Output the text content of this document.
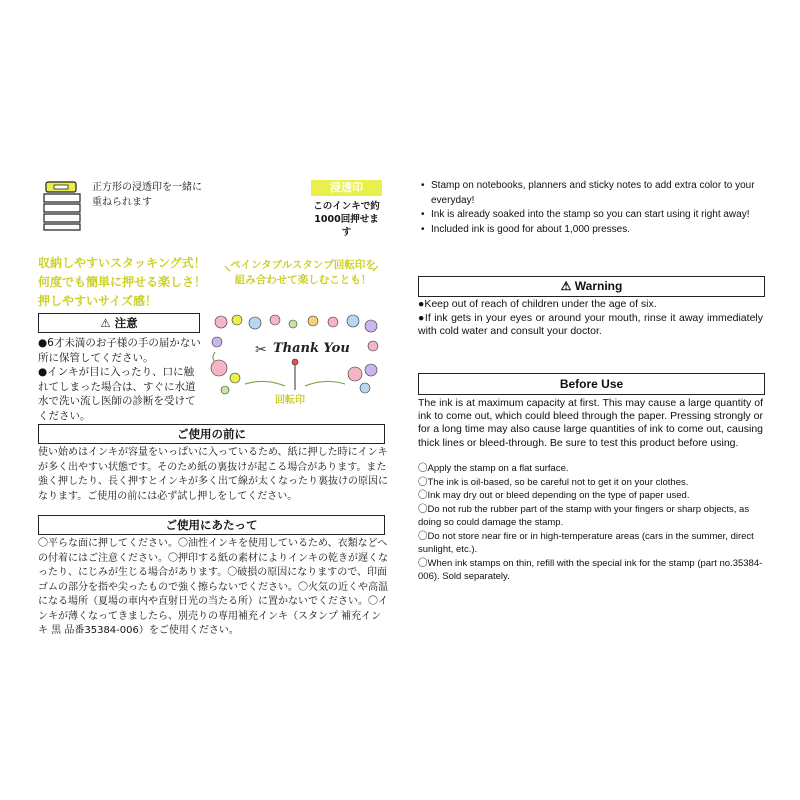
正方形の浸透印を一緒に重ねられます
浸透印
このインキで約1000回押せます
収納しやすいスタッキング式！
何度でも簡単に押せる楽しさ！
押しやすいサイズ感！
⸌	⸍
ペインタブルスタンプ回転印を組み合わせて楽しむことも！
⚠ 注意
●6才未満のお子様の手の届かない所に保管してください。
●インキが目に入ったり、口に触れてしまった場合は、すぐに水道水で洗い流し医師の診断を受けてください。
✂ Thank You
回転印
ご使用の前に
使い始めはインキが容量をいっぱいに入っているため、紙に押した時にインキが多く出やすい状態です。そのため紙の裏抜けが起こる場合があります。また強く押したり、長く押すとインキが多く出て線が太くなったり裏抜けの原因になります。ご使用の前には必ず試し押しをしてください。
ご使用にあたって
〇平らな面に押してください。〇油性インキを使用しているため、衣類などへの付着にはご注意ください。〇押印する紙の素材によりインキの乾きが遅くなったり、にじみが生じる場合があります。〇破損の原因になりますので、印面ゴムの部分を指や尖ったもので強く擦らないでください。〇火気の近くや高温になる場所（夏場の車内や直射日光の当たる所）に置かないでください。〇インキが薄くなってきましたら、別売りの専用補充インキ（スタンプ 補充インキ 黒 品番35384-006）をご使用ください。
• Stamp on notebooks, planners and sticky notes to add extra color to your everyday!
• Ink is already soaked into the stamp so you can start using it right away!
• Included ink is good for about 1,000 presses.
⚠ Warning
●Keep out of reach of children under the age of six.
●If ink gets in your eyes or around your mouth, rinse it away immediately with cold water and consult your doctor.
Before Use
The ink is at maximum capacity at first. This may cause a large quantity of ink to come out, which could bleed through the paper. Pressing strongly or for a long time may also cause large quantities of ink to come out, causing thick lines or bleed-through. Be sure to test this product before using.
〇Apply the stamp on a flat surface.
〇The ink is oil-based, so be careful not to get it on your clothes.
〇Ink may dry out or bleed depending on the type of paper used.
〇Do not rub the rubber part of the stamp with your fingers or sharp objects, as doing so could damage the stamp.
〇Do not store near fire or in high-temperature areas (cars in the summer, direct sunlight, etc.).
〇When ink stamps on thin, refill with the special ink for the stamp (part no.35384-006). Sold separately.
